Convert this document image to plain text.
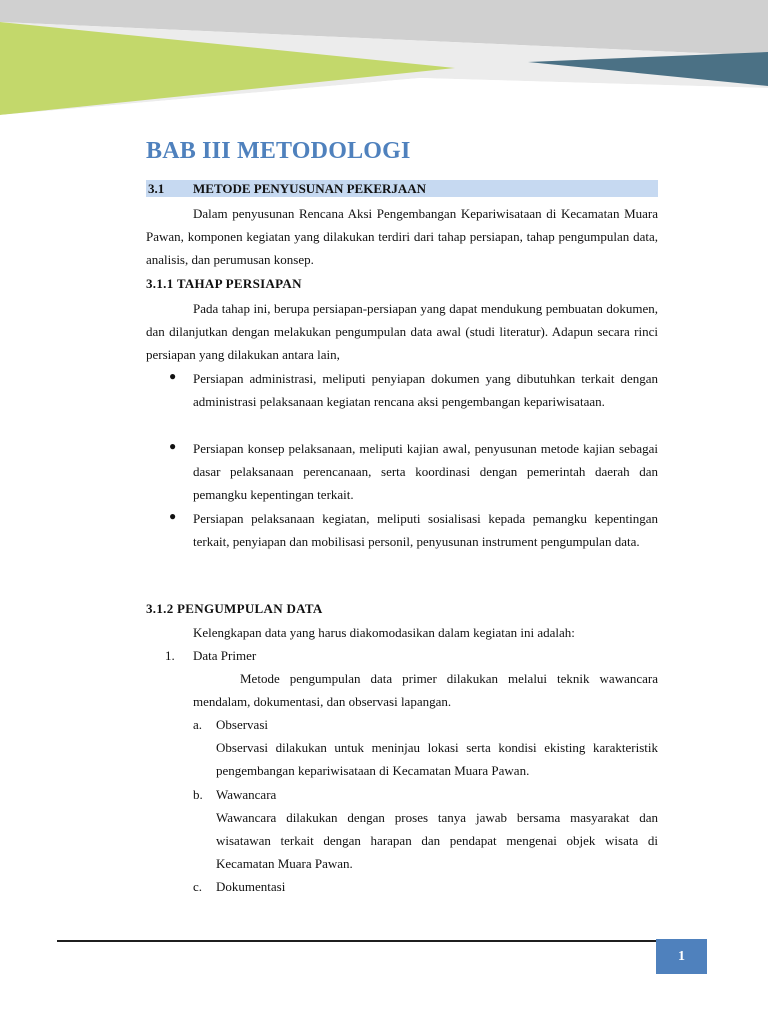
BAB III METODOLOGI
3.1 METODE PENYUSUNAN PEKERJAAN
Dalam penyusunan Rencana Aksi Pengembangan Kepariwisataan di Kecamatan Muara Pawan, komponen kegiatan yang dilakukan terdiri dari tahap persiapan, tahap pengumpulan data, analisis, dan perumusan konsep.
3.1.1 TAHAP PERSIAPAN
Pada tahap ini, berupa persiapan-persiapan yang dapat mendukung pembuatan dokumen, dan dilanjutkan dengan melakukan pengumpulan data awal (studi literatur). Adapun secara rinci persiapan yang dilakukan antara lain,
● Persiapan administrasi, meliputi penyiapan dokumen yang dibutuhkan terkait dengan administrasi pelaksanaan kegiatan rencana aksi pengembangan kepariwisataan.
● Persiapan konsep pelaksanaan, meliputi kajian awal, penyusunan metode kajian sebagai dasar pelaksanaan perencanaan, serta koordinasi dengan pemerintah daerah dan pemangku kepentingan terkait.
● Persiapan pelaksanaan kegiatan, meliputi sosialisasi kepada pemangku kepentingan terkait, penyiapan dan mobilisasi personil, penyusunan instrument pengumpulan data.
3.1.2 PENGUMPULAN DATA
Kelengkapan data yang harus diakomodasikan dalam kegiatan ini adalah:
1. Data Primer
Metode pengumpulan data primer dilakukan melalui teknik wawancara mendalam, dokumentasi, dan observasi lapangan.
a. Observasi
Observasi dilakukan untuk meninjau lokasi serta kondisi ekisting karakteristik pengembangan kepariwisataan di Kecamatan Muara Pawan.
b. Wawancara
Wawancara dilakukan dengan proses tanya jawab bersama masyarakat dan wisatawan terkait dengan harapan dan pendapat mengenai objek wisata di Kecamatan Muara Pawan.
c. Dokumentasi
1
